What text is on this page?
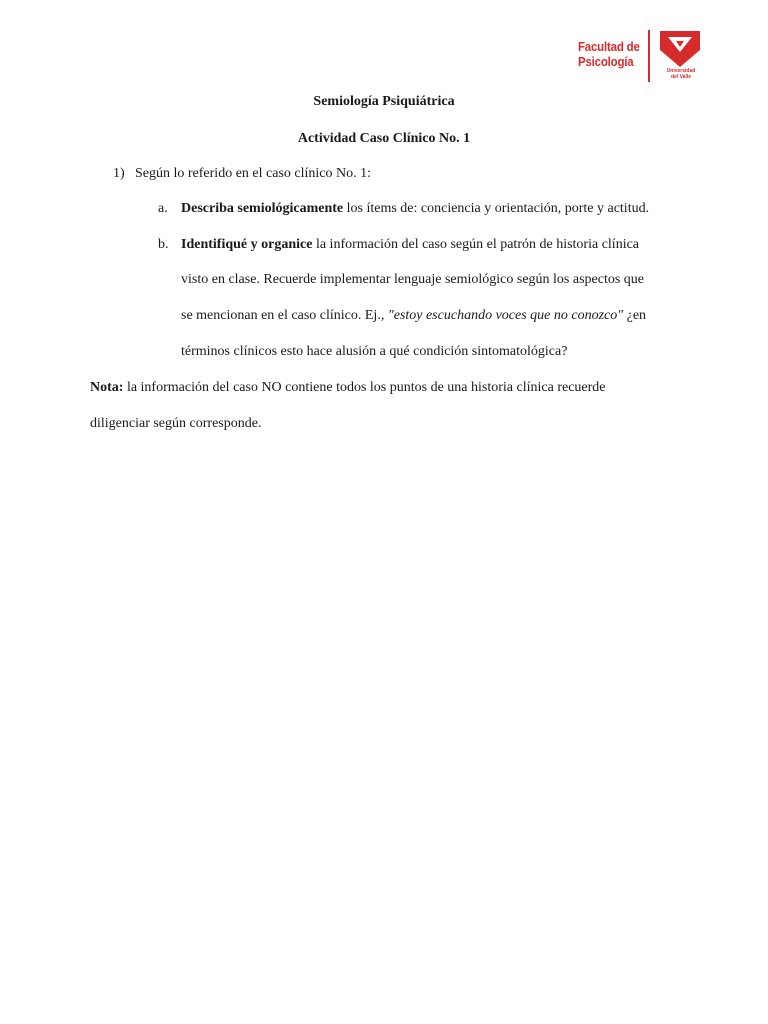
Facultad de
Psicología
Universidad
del Valle
Semiología Psiquiátrica
Actividad Caso Clínico No. 1
1) Según lo referido en el caso clínico No. 1:
a. Describa semiológicamente los ítems de: conciencia y orientación, porte y actitud.
b. Identifiqué y organice la información del caso según el patrón de historia clínica
visto en clase. Recuerde implementar lenguaje semiológico según los aspectos que
se mencionan en el caso clínico. Ej., "estoy escuchando voces que no conozco" ¿en
términos clínicos esto hace alusión a qué condición sintomatológica?
Nota: la información del caso NO contiene todos los puntos de una historia clínica recuerde
diligenciar según corresponde.
